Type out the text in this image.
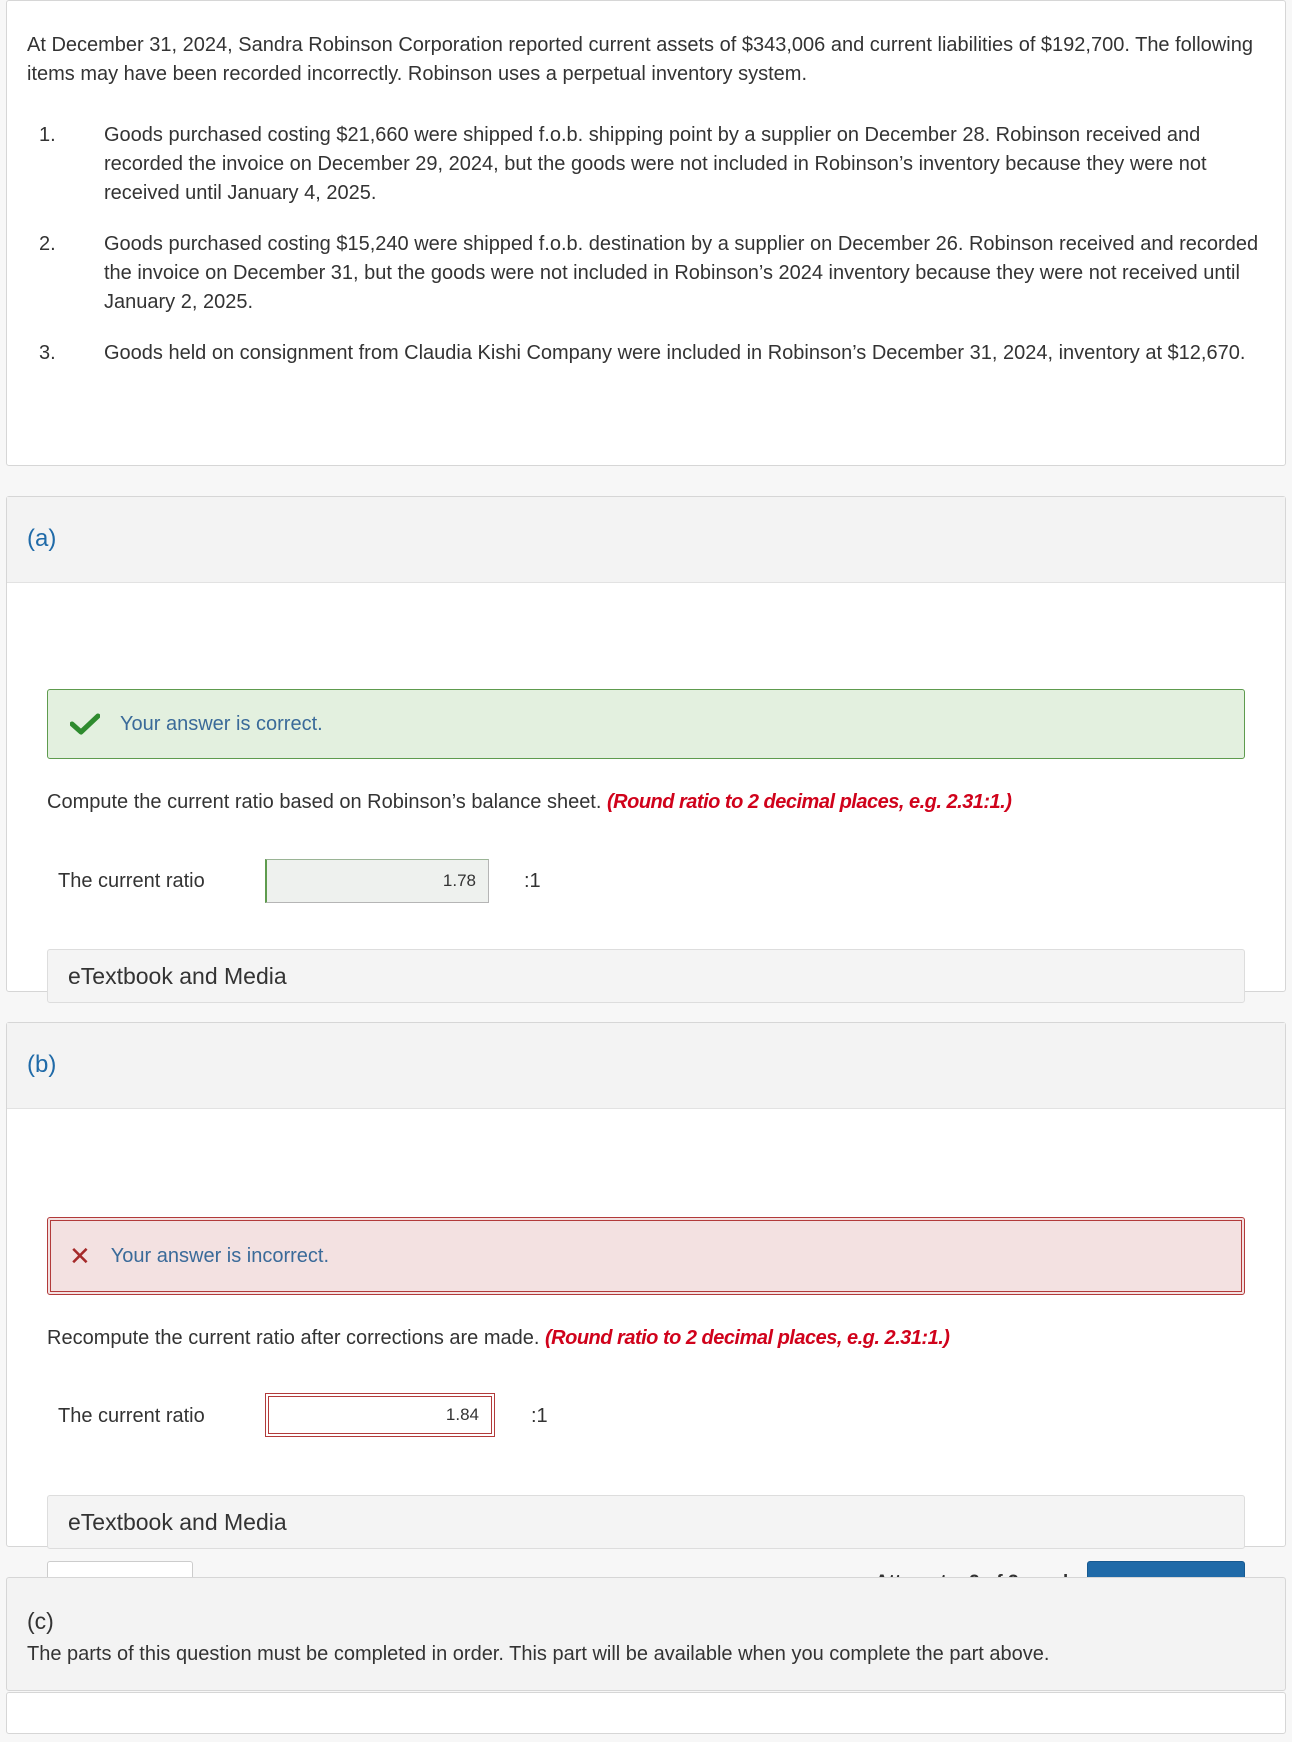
At December 31, 2024, Sandra Robinson Corporation reported current assets of $343,006 and current liabilities of $192,700. The following items may have been recorded incorrectly. Robinson uses a perpetual inventory system.

1. Goods purchased costing $21,660 were shipped f.o.b. shipping point by a supplier on December 28. Robinson received and recorded the invoice on December 29, 2024, but the goods were not included in Robinson’s inventory because they were not received until January 4, 2025.
2. Goods purchased costing $15,240 were shipped f.o.b. destination by a supplier on December 26. Robinson received and recorded the invoice on December 31, but the goods were not included in Robinson’s 2024 inventory because they were not received until January 2, 2025.
3. Goods held on consignment from Claudia Kishi Company were included in Robinson’s December 31, 2024, inventory at $12,670.
(a)
Your answer is correct.
Compute the current ratio based on Robinson’s balance sheet. (Round ratio to 2 decimal places, e.g. 2.31:1.)
The current ratio
1.78	:1
eTextbook and Media
(b)
✕ Your answer is incorrect.
Recompute the current ratio after corrections are made. (Round ratio to 2 decimal places, e.g. 2.31:1.)
The current ratio
1.84	:1
eTextbook and Media
(c)
The parts of this question must be completed in order. This part will be available when you complete the part above.
